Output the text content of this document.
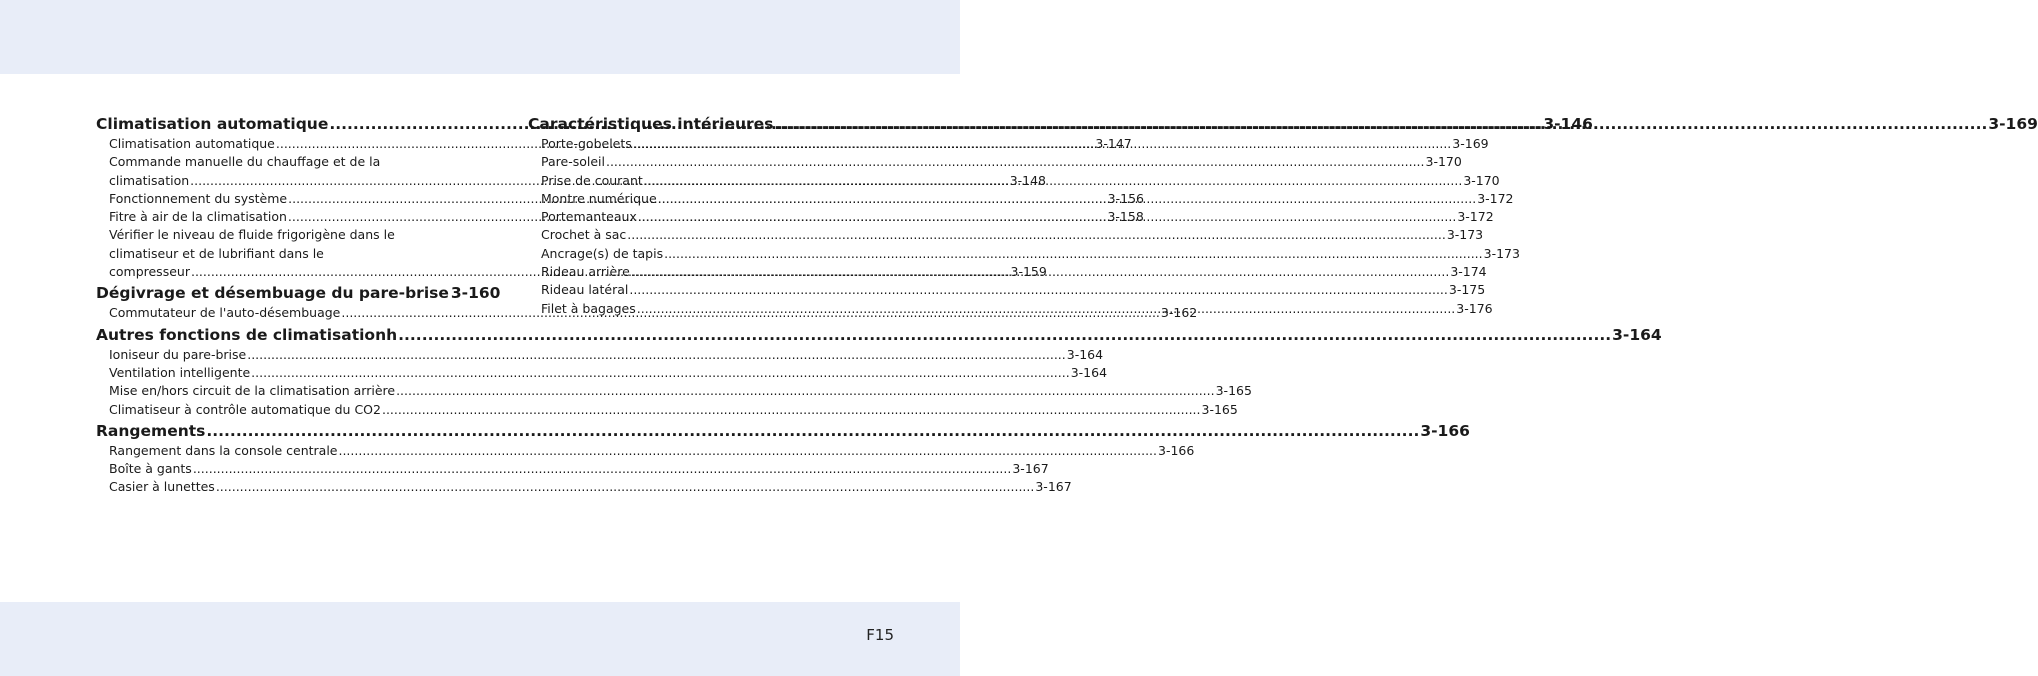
Climatisation automatique .....	3-146
Climatisation automatique .....	3-147
Commande manuelle du chauffage et de la
climatisation .....	3-148
Fonctionnement du système .....	3-156
Fitre à air de la climatisation .....	3-158
Vérifier le niveau de fluide frigorigène dans le
climatiseur et de lubrifiant dans le
compresseur .....	3-159
Dégivrage et désembuage du pare-brise 3-160
Commutateur de l'auto-désembuage .....	3-162
Autres fonctions de climatisationh .....	3-164
Ioniseur du pare-brise .....	3-164
Ventilation intelligente .....	3-164
Mise en/hors circuit de la climatisation arrière .....	3-165
Climatiseur à contrôle automatique du CO2 .....	3-165
Rangements .....	3-166
Rangement dans la console centrale .....	3-166
Boîte à gants .....	3-167
Casier à lunettes .....	3-167
Caractéristiques intérieures .....	3-169
Porte-gobelets .....	3-169
Pare-soleil .....	3-170
Prise de courant .....	3-170
Montre numérique .....	3-172
Portemanteaux .....	3-172
Crochet à sac .....	3-173
Ancrage(s) de tapis .....	3-173
Rideau arrière .....	3-174
Rideau latéral .....	3-175
Filet à bagages .....	3-176
F15
